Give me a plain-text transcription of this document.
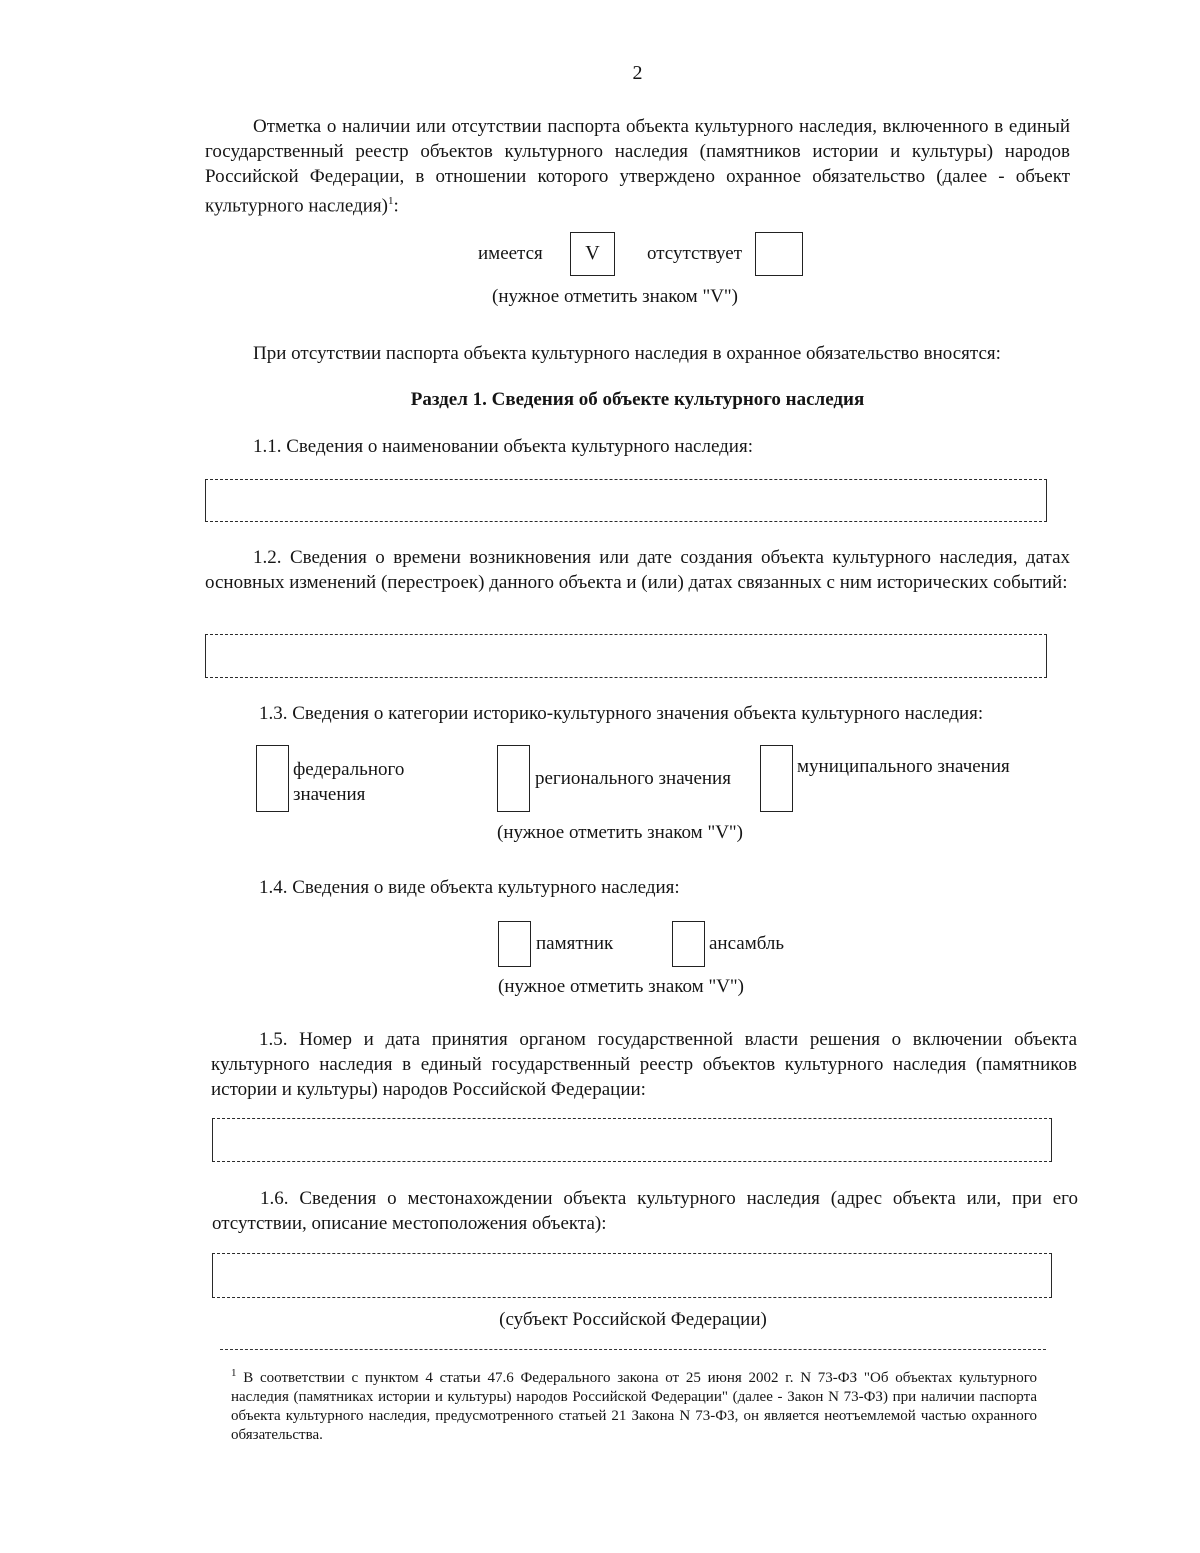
2
Отметка о наличии или отсутствии паспорта объекта культурного наследия, включенного в единый государственный реестр объектов культурного наследия (памятников истории и культуры) народов Российской Федерации, в отношении которого утверждено охранное обязательство (далее - объект культурного наследия)$^1$:
имеется	V	отсутствует
(нужное отметить знаком "V")
При отсутствии паспорта объекта культурного наследия в охранное обязательство вносятся:
Раздел 1. Сведения об объекте культурного наследия
1.1. Сведения о наименовании объекта культурного наследия:
1.2. Сведения о времени возникновения или дате создания объекта культурного наследия, датах основных изменений (перестроек) данного объекта и (или) датах связанных с ним исторических событий:
1.3. Сведения о категории историко-культурного значения объекта культурного наследия:
федерального значения
регионального значения
муниципального значения
(нужное отметить знаком "V")
1.4. Сведения о виде объекта культурного наследия:
памятник	ансамбль
(нужное отметить знаком "V")
1.5. Номер и дата принятия органом государственной власти решения о включении объекта культурного наследия в единый государственный реестр объектов культурного наследия (памятников истории и культуры) народов Российской Федерации:
1.6. Сведения о местонахождении объекта культурного наследия (адрес объекта или, при его отсутствии, описание местоположения объекта):
(субъект Российской Федерации)
$^1$ В соответствии с пунктом 4 статьи 47.6 Федерального закона от 25 июня 2002 г. N 73-ФЗ "Об объектах культурного наследия (памятниках истории и культуры) народов Российской Федерации" (далее - Закон N 73-ФЗ) при наличии паспорта объекта культурного наследия, предусмотренного статьей 21 Закона N 73-ФЗ, он является неотъемлемой частью охранного обязательства.
